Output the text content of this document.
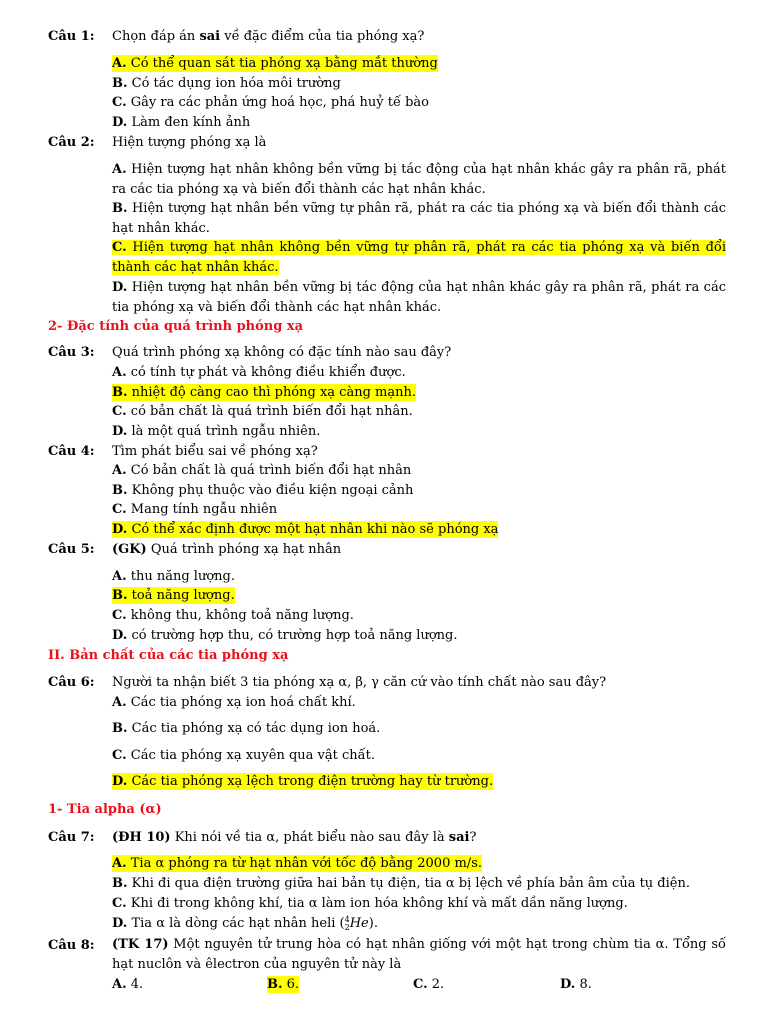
Câu 1: Chọn đáp án sai về đặc điểm của tia phóng xạ?
A. Có thể quan sát tia phóng xạ bằng mắt thường
B. Có tác dụng ion hóa môi trường
C. Gây ra các phản ứng hoá học, phá huỷ tế bào
D. Làm đen kính ảnh
Câu 2: Hiện tượng phóng xạ là
A. Hiện tượng hạt nhân không bền vững bị tác động của hạt nhân khác gây ra phân rã, phát ra các tia phóng xạ và biến đổi thành các hạt nhân khác.
B. Hiện tượng hạt nhân bền vững tự phân rã, phát ra các tia phóng xạ và biến đổi thành các hạt nhân khác.
C. Hiện tượng hạt nhân không bền vững tự phân rã, phát ra các tia phóng xạ và biến đổi thành các hạt nhân khác.
D. Hiện tượng hạt nhân bền vững bị tác động của hạt nhân khác gây ra phân rã, phát ra các tia phóng xạ và biến đổi thành các hạt nhân khác.
2- Đặc tính của quá trình phóng xạ
Câu 3: Quá trình phóng xạ không có đặc tính nào sau đây?
A. có tính tự phát và không điều khiển được.
B. nhiệt độ càng cao thì phóng xạ càng mạnh.
C. có bản chất là quá trình biến đổi hạt nhân.
D. là một quá trình ngẫu nhiên.
Câu 4: Tìm phát biểu sai về phóng xạ?
A. Có bản chất là quá trình biến đổi hạt nhân
B. Không phụ thuộc vào điều kiện ngoại cảnh
C. Mang tính ngẫu nhiên
D. Có thể xác định được một hạt nhân khi nào sẽ phóng xạ
Câu 5: (GK) Quá trình phóng xạ hạt nhân
A. thu năng lượng.
B. toả năng lượng.
C. không thu, không toả năng lượng.
D. có trường hợp thu, có trường hợp toả năng lượng.
II. Bản chất của các tia phóng xạ
Câu 6: Người ta nhận biết 3 tia phóng xạ α, β, γ căn cứ vào tính chất nào sau đây?
A. Các tia phóng xạ ion hoá chất khí.
B. Các tia phóng xạ có tác dụng ion hoá.
C. Các tia phóng xạ xuyên qua vật chất.
D. Các tia phóng xạ lệch trong điện trường hay từ trường.
1- Tia alpha (α)
Câu 7: (ĐH 10) Khi nói về tia α, phát biểu nào sau đây là sai?
A. Tia α phóng ra từ hạt nhân với tốc độ bằng 2000 m/s.
B. Khi đi qua điện trường giữa hai bản tụ điện, tia α bị lệch về phía bản âm của tụ điện.
C. Khi đi trong không khí, tia α làm ion hóa không khí và mất dần năng lượng.
D. Tia α là dòng các hạt nhân heli (4
2He).
Câu 8: (TK 17) Một nguyên tử trung hòa có hạt nhân giống với một hạt trong chùm tia α. Tổng số hạt nuclôn và êlectron của nguyên tử này là
A. 4.	B. 6.	C. 2.	D. 8.
